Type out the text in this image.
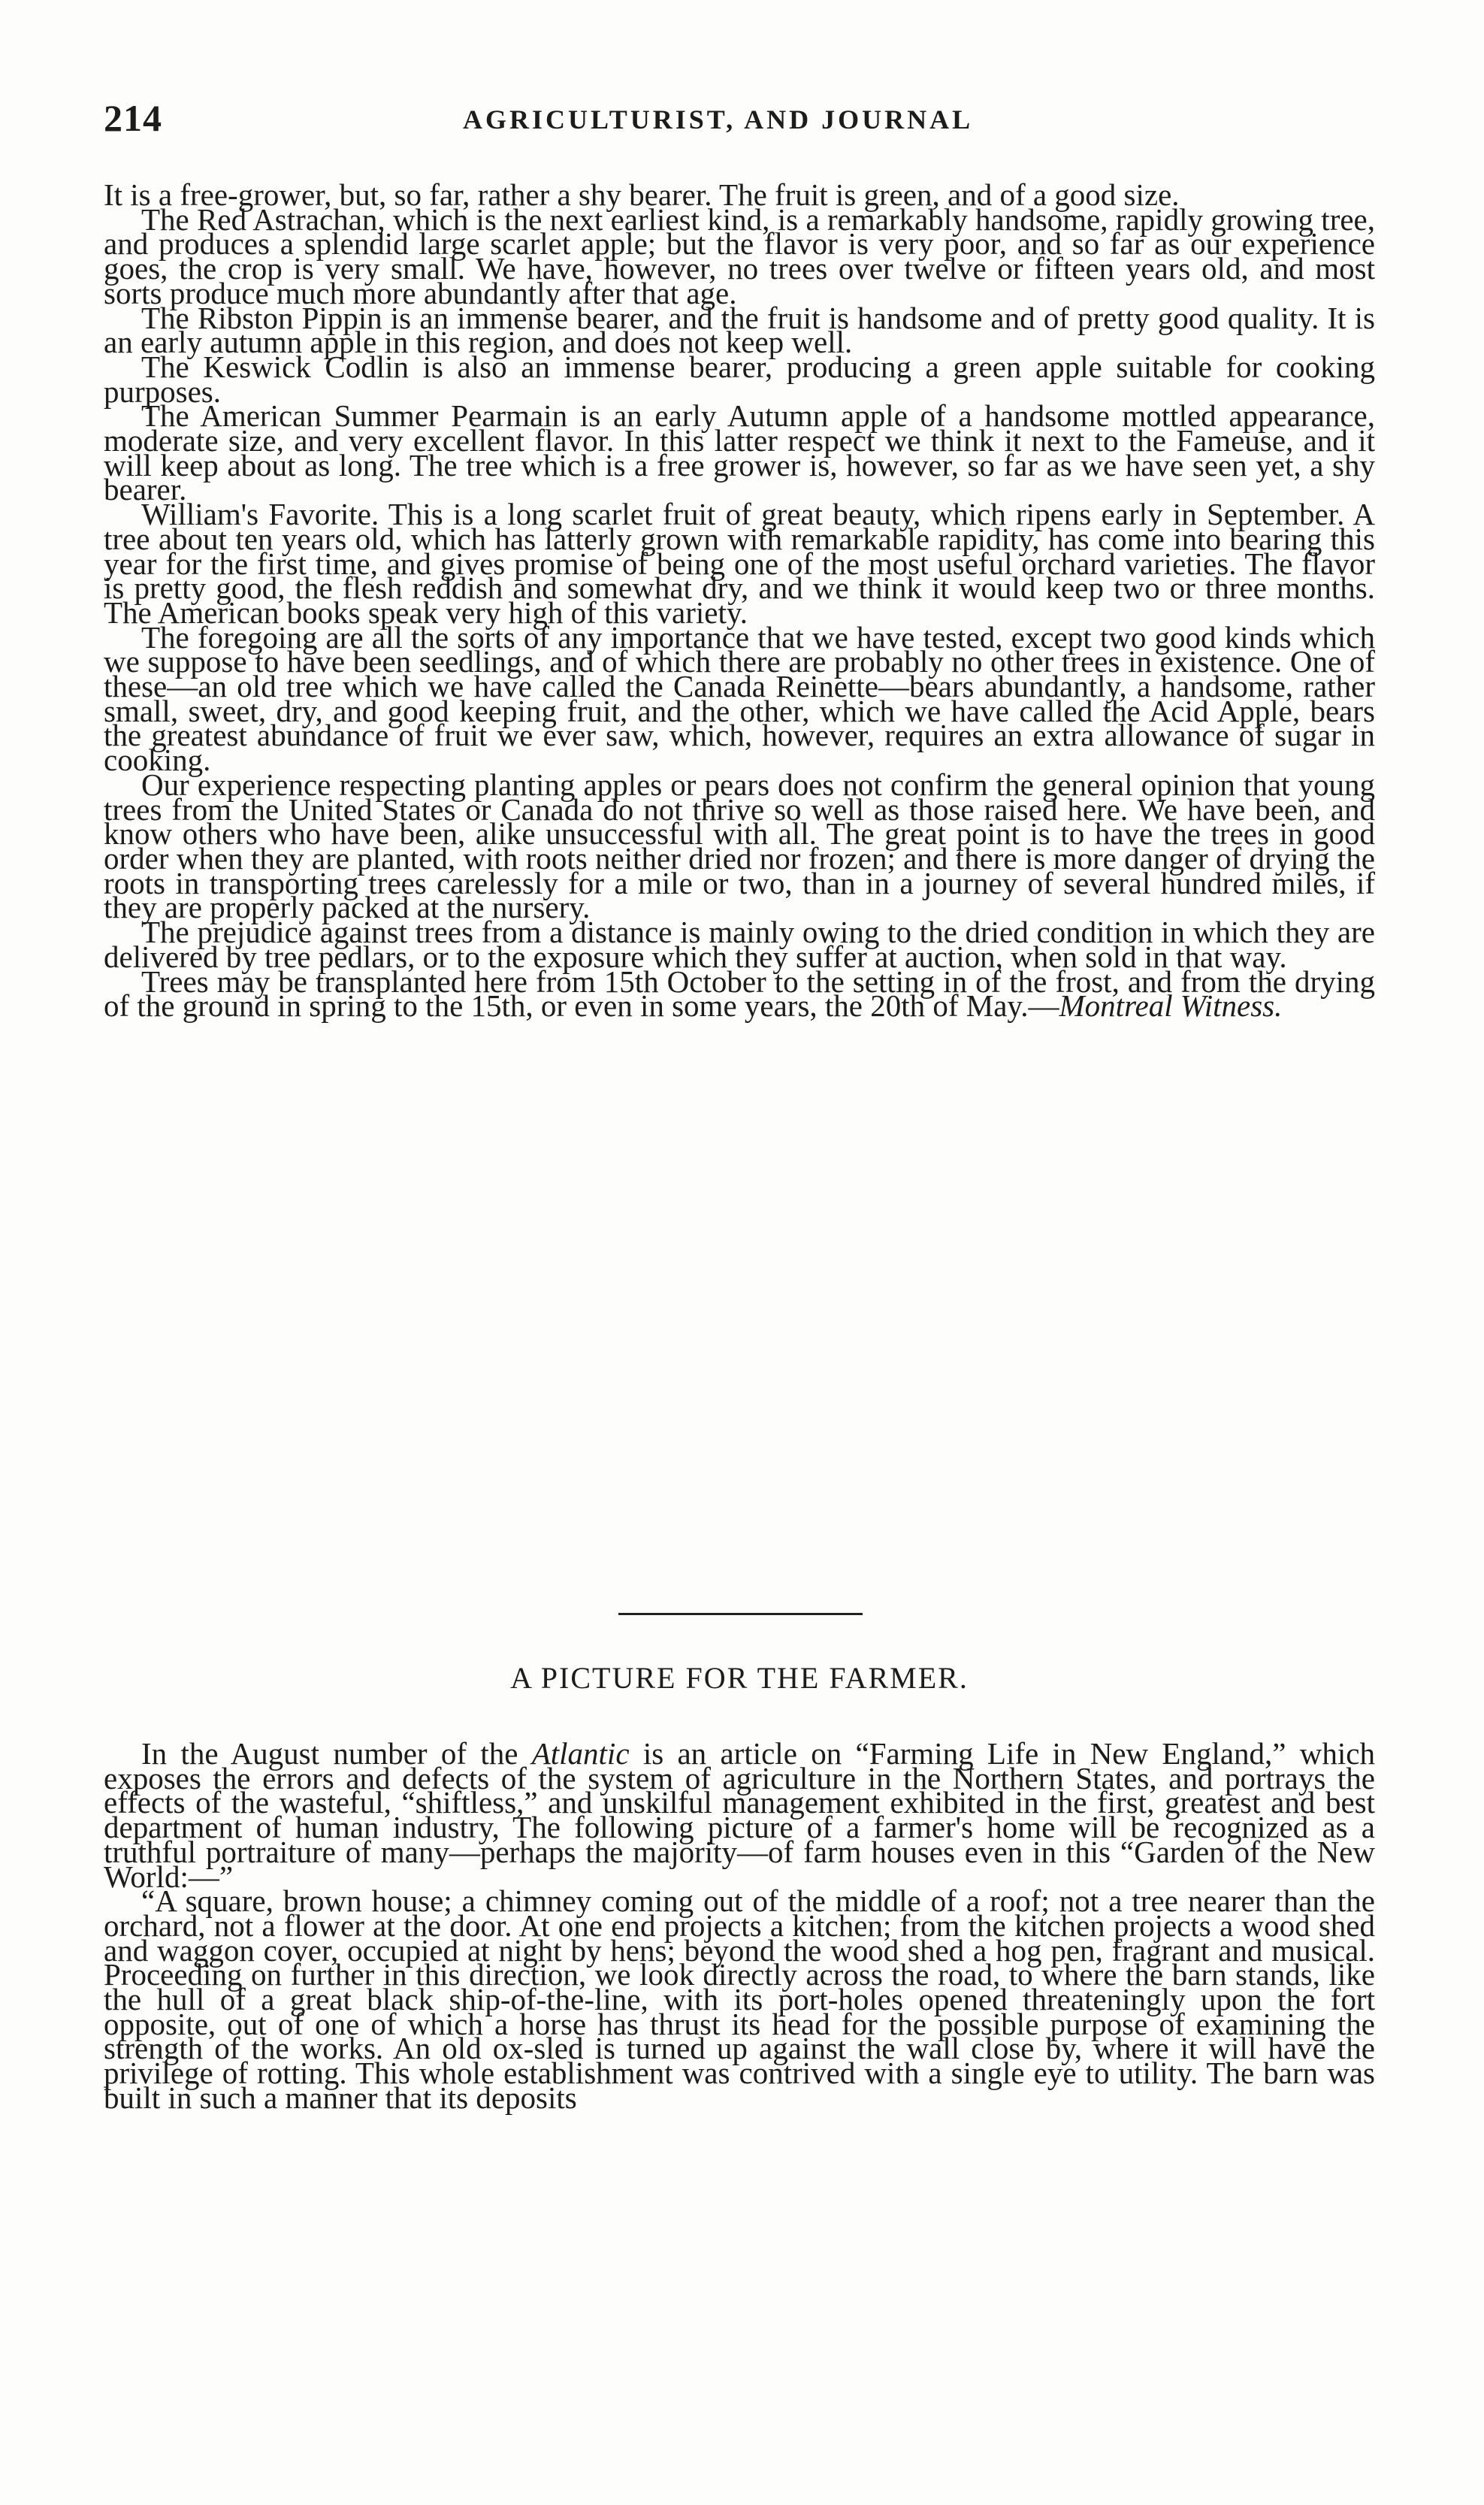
214	AGRICULTURIST, AND JOURNAL

It is a free-grower, but, so far, rather a shy bearer. The fruit is green, and of a good size.

The Red Astrachan, which is the next earliest kind, is a remarkably handsome, rapidly growing tree, and produces a splendid large scarlet apple; but the flavor is very poor, and so far as our experience goes, the crop is very small. We have, however, no trees over twelve or fifteen years old, and most sorts produce much more abundantly after that age.

The Ribston Pippin is an immense bearer, and the fruit is handsome and of pretty good quality. It is an early autumn apple in this region, and does not keep well.

The Keswick Codlin is also an immense bearer, producing a green apple suitable for cooking purposes.

The American Summer Pearmain is an early Autumn apple of a handsome mottled appearance, moderate size, and very excellent flavor. In this latter respect we think it next to the Fameuse, and it will keep about as long. The tree which is a free grower is, however, so far as we have seen yet, a shy bearer.

William's Favorite. This is a long scarlet fruit of great beauty, which ripens early in September. A tree about ten years old, which has latterly grown with remarkable rapidity, has come into bearing this year for the first time, and gives promise of being one of the most useful orchard varieties. The flavor is pretty good, the flesh reddish and somewhat dry, and we think it would keep two or three months. The American books speak very high of this variety.

The foregoing are all the sorts of any importance that we have tested, except two good kinds which we suppose to have been seedlings, and of which there are probably no other trees in existence. One of these—an old tree which we have called the Canada Reinette—bears abundantly, a handsome, rather small, sweet, dry, and good keeping fruit, and the other, which we have called the Acid Apple, bears the greatest abundance of fruit we ever saw, which, however, requires an extra allowance of sugar in cooking.

Our experience respecting planting apples or pears does not confirm the general opinion that young trees from the United States or Canada do not thrive so well as those raised here. We have been, and know others who have been, alike unsuccessful with all. The great point is to have the trees in good order when they are planted, with roots neither dried nor frozen; and there is more danger of drying the roots in transporting trees carelessly for a mile or two, than in a journey of several hundred miles, if they are properly packed at the nursery.

The prejudice against trees from a distance is mainly owing to the dried condition in which they are delivered by tree pedlars, or to the exposure which they suffer at auction, when sold in that way.

Trees may be transplanted here from 15th October to the setting in of the frost, and from the drying of the ground in spring to the 15th, or even in some years, the 20th of May.—Montreal Witness.

A PICTURE FOR THE FARMER.

In the August number of the Atlantic is an article on “Farming Life in New England,” which exposes the errors and defects of the system of agriculture in the Northern States, and portrays the effects of the wasteful, “shiftless,” and unskilful management exhibited in the first, greatest and best department of human industry, The following picture of a farmer's home will be recognized as a truthful portraiture of many—perhaps the majority—of farm houses even in this “Garden of the New World:—”

“A square, brown house; a chimney coming out of the middle of a roof; not a tree nearer than the orchard, not a flower at the door. At one end projects a kitchen; from the kitchen projects a wood shed and waggon cover, occupied at night by hens; beyond the wood shed a hog pen, fragrant and musical. Proceeding on further in this direction, we look directly across the road, to where the barn stands, like the hull of a great black ship-of-the-line, with its port-holes opened threateningly upon the fort opposite, out of one of which a horse has thrust its head for the possible purpose of examining the strength of the works. An old ox-sled is turned up against the wall close by, where it will have the privilege of rotting. This whole establishment was contrived with a single eye to utility. The barn was built in such a manner that its deposits
